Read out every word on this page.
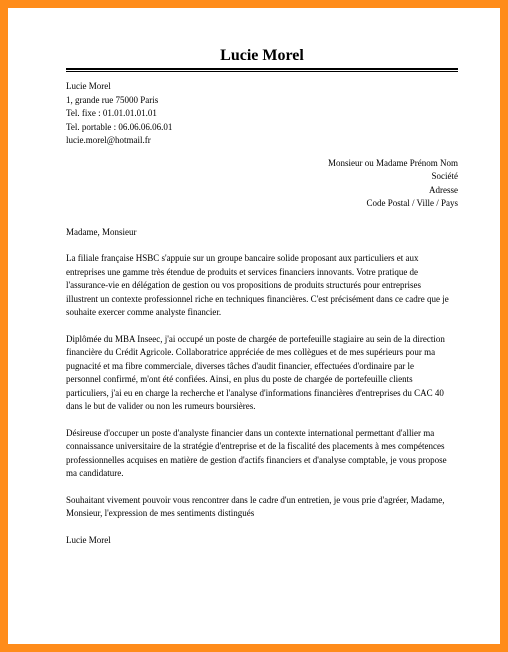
Lucie Morel
Lucie Morel
1, grande rue 75000 Paris
Tel. fixe : 01.01.01.01.01
Tel. portable : 06.06.06.06.01
lucie.morel@hotmail.fr
Monsieur ou Madame Prénom Nom
Société
Adresse
Code Postal / Ville / Pays
Madame, Monsieur
La filiale française HSBC s'appuie sur un groupe bancaire solide proposant aux particuliers et aux
entreprises une gamme très étendue de produits et services financiers innovants. Votre pratique de
l'assurance-vie en délégation de gestion ou vos propositions de produits structurés pour entreprises
illustrent un contexte professionnel riche en techniques financières. C'est précisément dans ce cadre que je
souhaite exercer comme analyste financier.
Diplômée du MBA Inseec, j'ai occupé un poste de chargée de portefeuille stagiaire au sein de la direction
financière du Crédit Agricole. Collaboratrice appréciée de mes collègues et de mes supérieurs pour ma
pugnacité et ma fibre commerciale, diverses tâches d'audit financier, effectuées d'ordinaire par le
personnel confirmé, m'ont été confiées. Ainsi, en plus du poste de chargée de portefeuille clients
particuliers, j'ai eu en charge la recherche et l'analyse d'informations financières d'entreprises du CAC 40
dans le but de valider ou non les rumeurs boursières.
Désireuse d'occuper un poste d'analyste financier dans un contexte international permettant d'allier ma
connaissance universitaire de la stratégie d'entreprise et de la fiscalité des placements à mes compétences
professionnelles acquises en matière de gestion d'actifs financiers et d'analyse comptable, je vous propose
ma candidature.
Souhaitant vivement pouvoir vous rencontrer dans le cadre d'un entretien, je vous prie d'agréer, Madame,
Monsieur, l'expression de mes sentiments distingués
Lucie Morel
